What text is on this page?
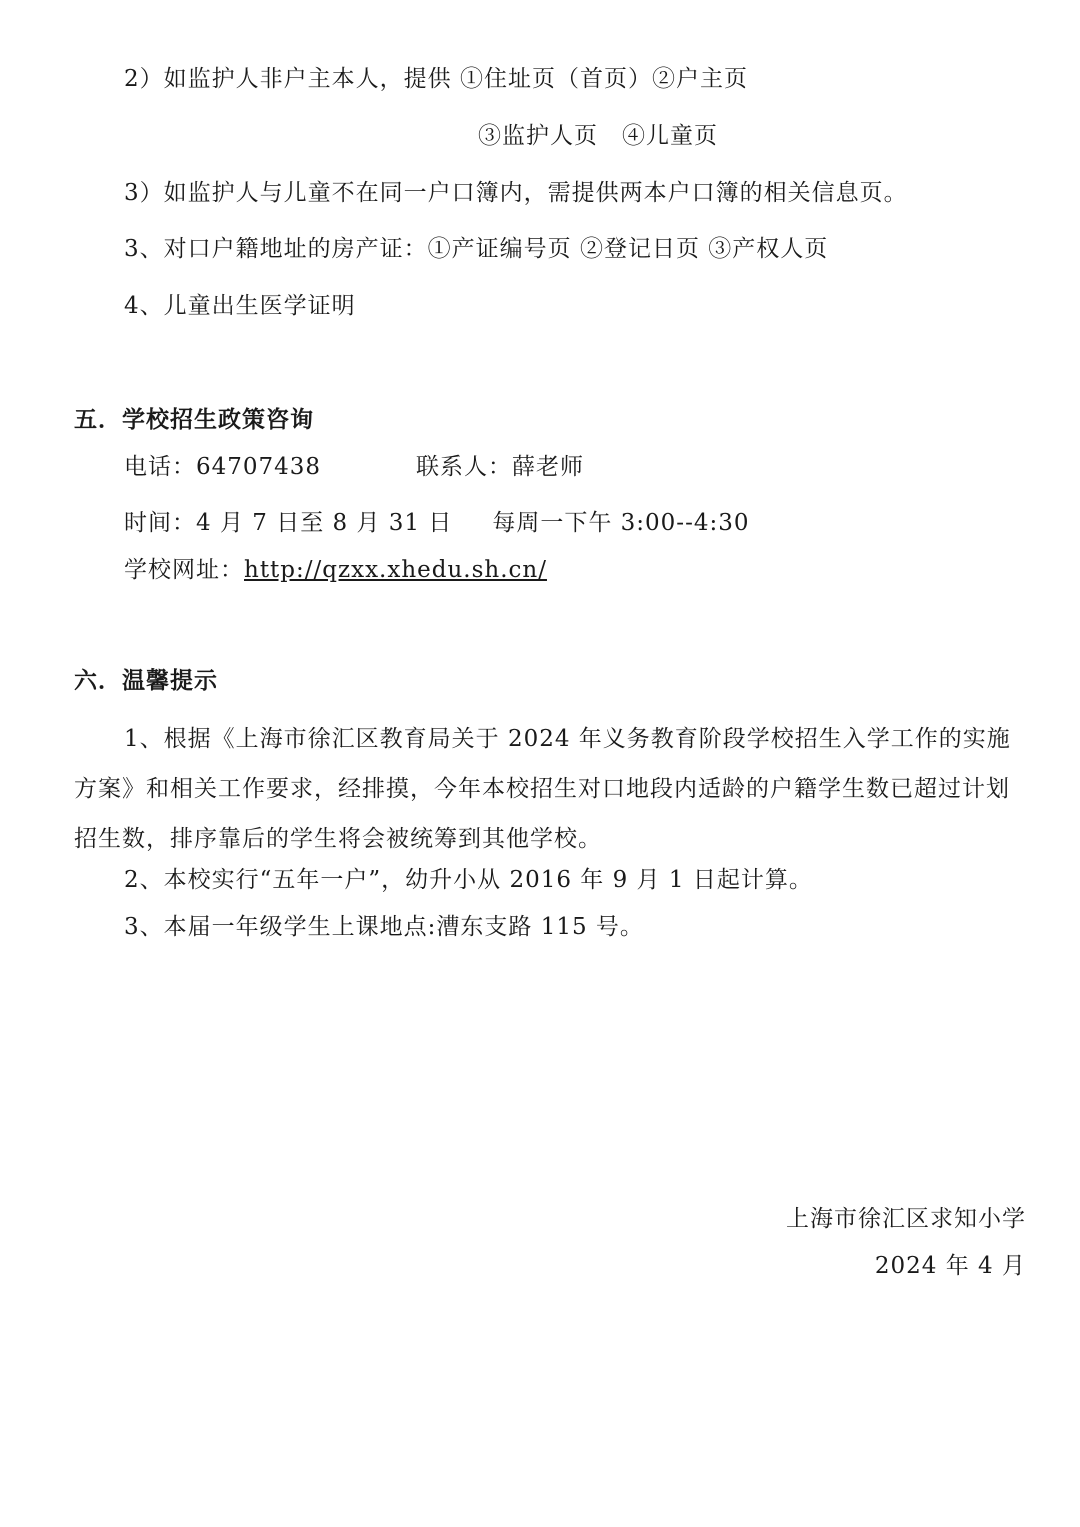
2）如监护人非户主本人，提供 ①住址页（首页）②户主页
③监护人页　④儿童页
3）如监护人与儿童不在同一户口簿内，需提供两本户口簿的相关信息页。
3、对口户籍地址的房产证：①产证编号页 ②登记日页 ③产权人页
4、儿童出生医学证明
五．学校招生政策咨询
电话：64707438	联系人：薛老师
时间：4 月 7 日至 8 月 31 日 每周一下午 3:00--4:30
学校网址：http://qzxx.xhedu.sh.cn/
六．温馨提示
1、根据《上海市徐汇区教育局关于 2024 年义务教育阶段学校招生入学工作的实施方案》和相关工作要求，经排摸，今年本校招生对口地段内适龄的户籍学生数已超过计划招生数，排序靠后的学生将会被统筹到其他学校。
2、本校实行“五年一户”，幼升小从 2016 年 9 月 1 日起计算。
3、本届一年级学生上课地点:漕东支路 115 号。
上海市徐汇区求知小学
2024 年 4 月
